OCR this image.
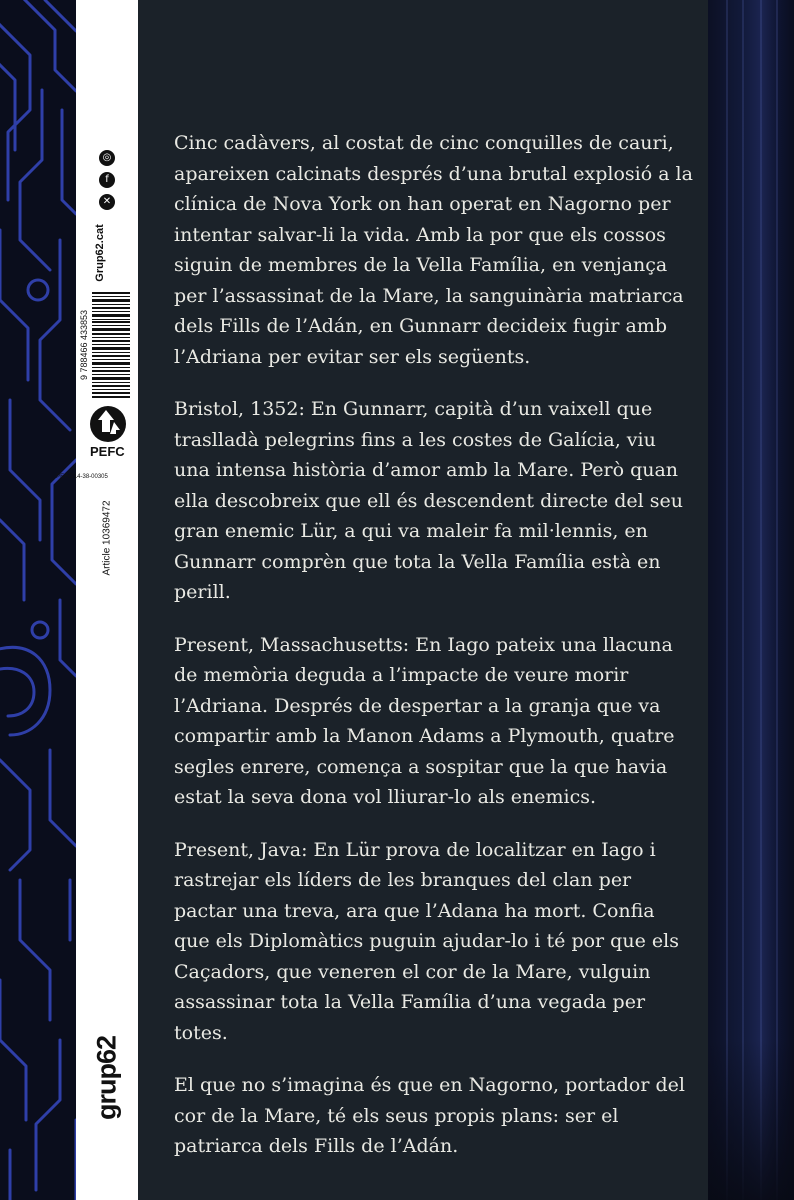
◎
f
✕
Grup62.cat
9 788466 433853
PEFC
PEFC/14-38-00305
Article 10369472
grup62

Cinc cadàvers, al costat de cinc conquilles de cauri, apareixen calcinats després d’una brutal explosió a la clínica de Nova York on han operat en Nagorno per intentar salvar-li la vida. Amb la por que els cossos siguin de membres de la Vella Família, en venjança per l’assassinat de la Mare, la sanguinària matriarca dels Fills de l’Adán, en Gunnarr decideix fugir amb l’Adriana per evitar ser els següents.

Bristol, 1352: En Gunnarr, capità d’un vaixell que traslladà pelegrins fins a les costes de Galícia, viu una intensa història d’amor amb la Mare. Però quan ella descobreix que ell és descendent directe del seu gran enemic Lür, a qui va maleir fa mil·lennis, en Gunnarr comprèn que tota la Vella Família està en perill.

Present, Massachusetts: En Iago pateix una llacuna de memòria deguda a l’impacte de veure morir l’Adriana. Després de despertar a la granja que va compartir amb la Manon Adams a Plymouth, quatre segles enrere, comença a sospitar que la que havia estat la seva dona vol lliurar-lo als enemics.

Present, Java: En Lür prova de localitzar en Iago i rastrejar els líders de les branques del clan per pactar una treva, ara que l’Adana ha mort. Confia que els Diplomàtics puguin ajudar-lo i té por que els Caçadors, que veneren el cor de la Mare, vulguin assassinar tota la Vella Família d’una vegada per totes.

El que no s’imagina és que en Nagorno, portador del cor de la Mare, té els seus propis plans: ser el patriarca dels Fills de l’Adán.
